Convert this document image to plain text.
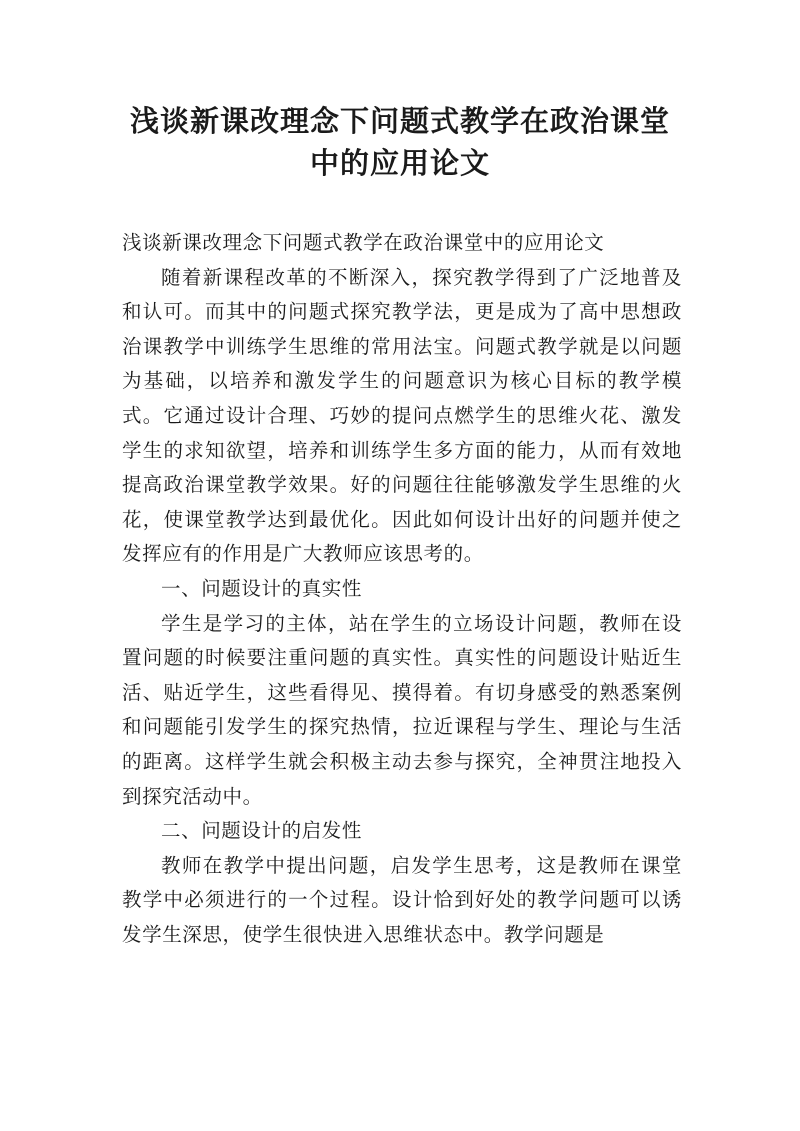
浅谈新课改理念下问题式教学在政治课堂
中的应用论文

浅谈新课改理念下问题式教学在政治课堂中的应用论文

随着新课程改革的不断深入，探究教学得到了广泛地普及和认可。而其中的问题式探究教学法，更是成为了高中思想政治课教学中训练学生思维的常用法宝。问题式教学就是以问题为基础，以培养和激发学生的问题意识为核心目标的教学模式。它通过设计合理、巧妙的提问点燃学生的思维火花、激发学生的求知欲望，培养和训练学生多方面的能力，从而有效地提高政治课堂教学效果。好的问题往往能够激发学生思维的火花，使课堂教学达到最优化。因此如何设计出好的问题并使之发挥应有的作用是广大教师应该思考的。

一、问题设计的真实性

学生是学习的主体，站在学生的立场设计问题，教师在设置问题的时候要注重问题的真实性。真实性的问题设计贴近生活、贴近学生，这些看得见、摸得着。有切身感受的熟悉案例和问题能引发学生的探究热情，拉近课程与学生、理论与生活的距离。这样学生就会积极主动去参与探究，全神贯注地投入到探究活动中。

二、问题设计的启发性

教师在教学中提出问题，启发学生思考，这是教师在课堂教学中必须进行的一个过程。设计恰到好处的教学问题可以诱发学生深思，使学生很快进入思维状态中。教学问题是
